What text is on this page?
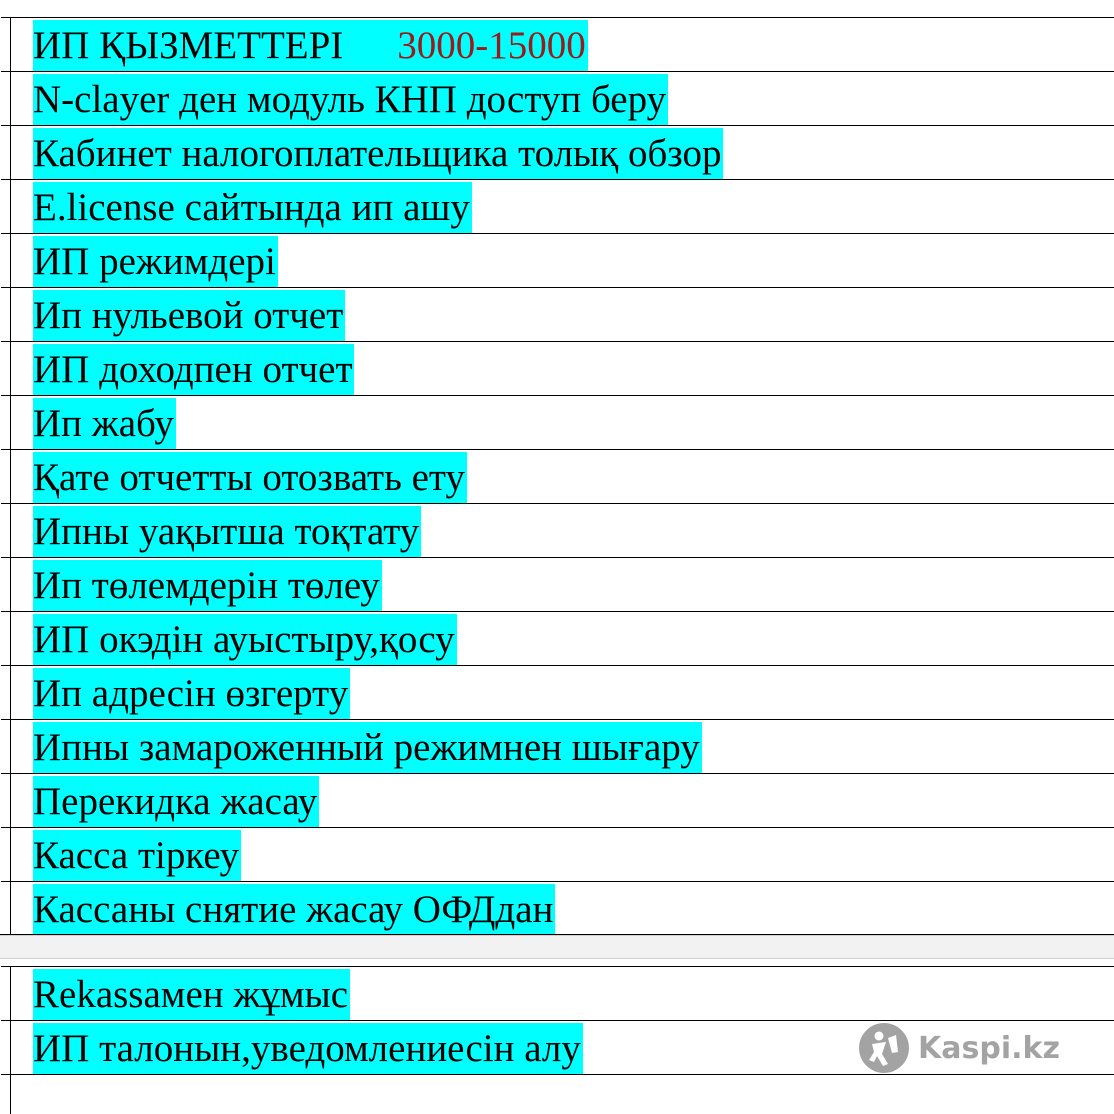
ИП ҚЫЗМЕТТЕРІ 3000-15000
N-clayer ден модуль КНП доступ беру
Кабинет налогоплательщика толық обзор
E.license сайтында ип ашу
ИП режимдері
Ип нульевой отчет
ИП доходпен отчет
Ип жабу
Қате отчетты отозвать ету
Ипны уақытша тоқтату
Ип төлемдерін төлеу
ИП окэдін ауыстыру,қосу
Ип адресін өзгерту
Ипны замароженный режимнен шығару
Перекидка жасау
Касса тіркеу
Кассаны снятие жасау ОФДдан
Rekassaмен жұмыс
ИП талонын,уведомлениесін алу	Kaspi.kz
